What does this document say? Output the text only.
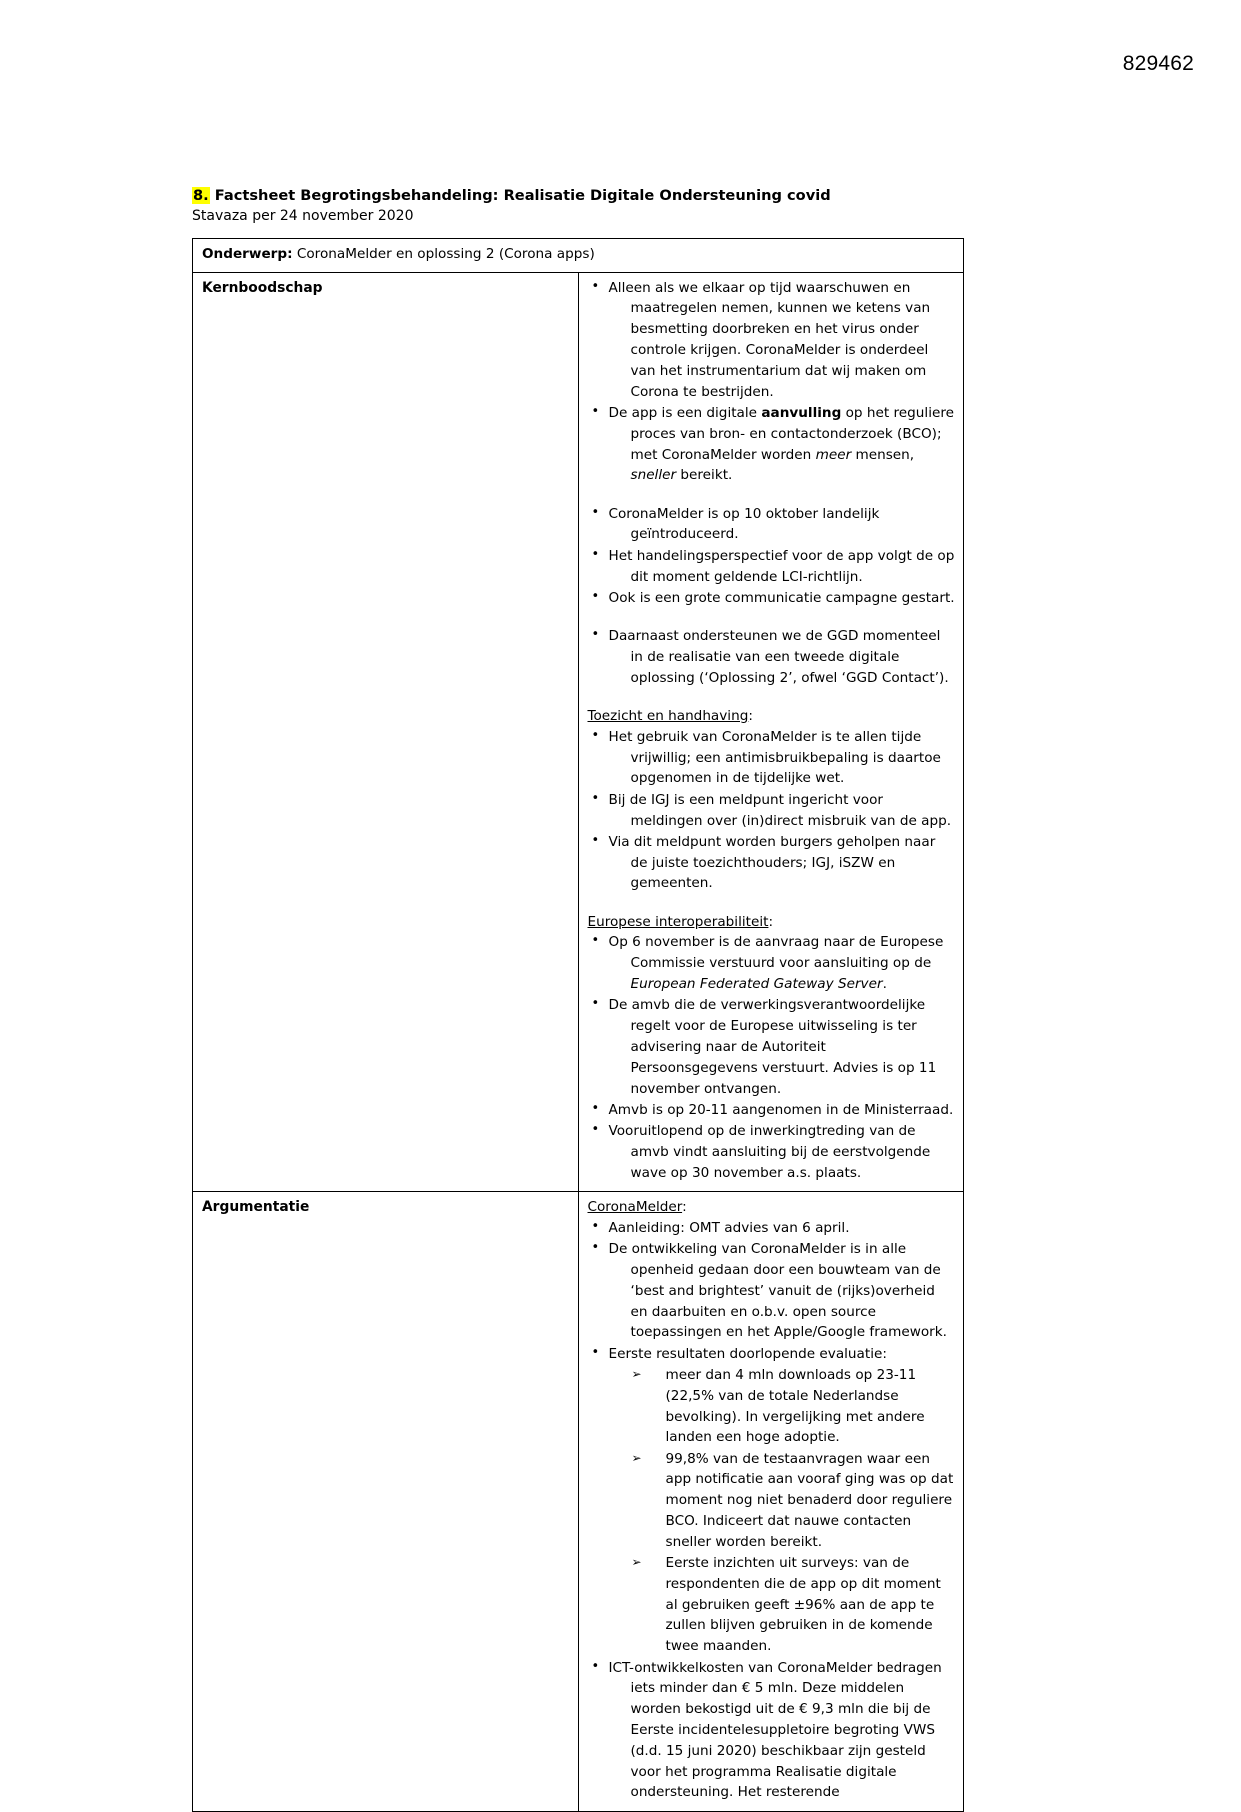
829462
8. Factsheet Begrotingsbehandeling: Realisatie Digitale Ondersteuning covid
Stavaza per 24 november 2020
Onderwerp: CoronaMelder en oplossing 2 (Corona apps)	
Kernboodschap	• Alleen als we elkaar op tijd waarschuwen en maatregelen nemen, kunnen we ketens van besmetting doorbreken en het virus onder controle krijgen. CoronaMelder is onderdeel van het instrumentarium dat wij maken om Corona te bestrijden.
• De app is een digitale aanvulling op het reguliere proces van bron- en contactonderzoek (BCO); met CoronaMelder worden meer mensen, sneller bereikt.
• CoronaMelder is op 10 oktober landelijk geïntroduceerd.
• Het handelingsperspectief voor de app volgt de op dit moment geldende LCI-richtlijn.
• Ook is een grote communicatie campagne gestart.
• Daarnaast ondersteunen we de GGD momenteel in de realisatie van een tweede digitale oplossing (‘Oplossing 2’, ofwel ‘GGD Contact’).
Toezicht en handhaving:
• Het gebruik van CoronaMelder is te allen tijde vrijwillig; een antimisbruikbepaling is daartoe opgenomen in de tijdelijke wet.
• Bij de IGJ is een meldpunt ingericht voor meldingen over (in)direct misbruik van de app.
• Via dit meldpunt worden burgers geholpen naar de juiste toezichthouders; IGJ, iSZW en gemeenten.
Europese interoperabiliteit:
• Op 6 november is de aanvraag naar de Europese Commissie verstuurd voor aansluiting op de European Federated Gateway Server.
• De amvb die de verwerkingsverantwoordelijke regelt voor de Europese uitwisseling is ter advisering naar de Autoriteit Persoonsgegevens verstuurt. Advies is op 11 november ontvangen.
• Amvb is op 20-11 aangenomen in de Ministerraad.
• Vooruitlopend op de inwerkingtreding van de amvb vindt aansluiting bij de eerstvolgende wave op 30 november a.s. plaats.

Argumentatie	CoronaMelder:
• Aanleiding: OMT advies van 6 april.
• De ontwikkeling van CoronaMelder is in alle openheid gedaan door een bouwteam van de ‘best and brightest’ vanuit de (rijks)overheid en daarbuiten en o.b.v. open source toepassingen en het Apple/Google framework.
• Eerste resultaten doorlopende evaluatie:
➢ meer dan 4 mln downloads op 23-11 (22,5% van de totale Nederlandse bevolking). In vergelijking met andere landen een hoge adoptie.
➢ 99,8% van de testaanvragen waar een app notificatie aan vooraf ging was op dat moment nog niet benaderd door reguliere BCO. Indiceert dat nauwe contacten sneller worden bereikt.
➢ Eerste inzichten uit surveys: van de respondenten die de app op dit moment al gebruiken geeft ±96% aan de app te zullen blijven gebruiken in de komende twee maanden.
• ICT-ontwikkelkosten van CoronaMelder bedragen iets minder dan € 5 mln. Deze middelen worden bekostigd uit de € 9,3 mln die bij de Eerste incidentelesuppletoire begroting VWS (d.d. 15 juni 2020) beschikbaar zijn gesteld voor het programma Realisatie digitale ondersteuning. Het resterende
